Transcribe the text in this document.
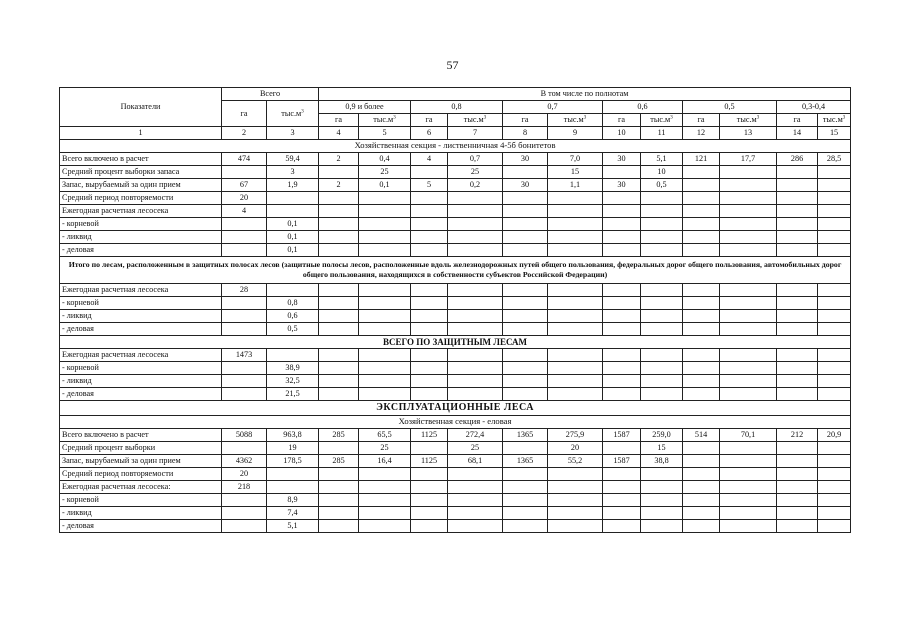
57
Показатели	Всего		В том числе по полнотам											
	га	$тыс.м^3$	0,9 и более		0,8		0,7		0,6		0,5		0,3-0,4	
			га	$тыс.м^3$	га	$тыс.м^3$	га	$тыс.м^3$	га	$тыс.м^3$	га	$тыс.м^3$	га	$тыс.м^3$
1	2	3	4	5	6	7	8	9	10	11	12	13	14	15
Хозяйственная секция - лиственничная 4-5б бонитетов														
Всего включено в расчет	474	59,4	2	0,4	4	0,7	30	7,0	30	5,1	121	17,7	286	28,5
Средний процент выборки запаса		3		25		25		15		10				
Запас, вырубаемый за один прием	67	1,9	2	0,1	5	0,2	30	1,1	30	0,5				
Средний период повторяемости	20													
Ежегодная расчетная лесосека	4													
- корневой		0,1												
- ликвид		0,1												
- деловая		0,1												
Итого по лесам, расположенным в защитных полосах лесов (защитные полосы лесов, расположенные вдоль железнодорожных путей общего пользования, федеральных дорог общего пользования, автомобильных дорог общего пользования, находящихся в собственности субъектов Российской Федерации)														
Ежегодная расчетная лесосека	28													
- корневой		0,8												
- ликвид		0,6												
- деловая		0,5												
ВСЕГО ПО ЗАЩИТНЫМ ЛЕСАМ														
Ежегодная расчетная лесосека	1473													
- корневой		38,9												
- ликвид		32,5												
- деловая		21,5												
ЭКСПЛУАТАЦИОННЫЕ ЛЕСА														
Хозяйственная секция - еловая														
Всего включено в расчет	5088	963,8	285	65,5	1125	272,4	1365	275,9	1587	259,0	514	70,1	212	20,9
Средний процент выборки		19		25		25		20		15				
Запас, вырубаемый за один прием	4362	178,5	285	16,4	1125	68,1	1365	55,2	1587	38,8				
Средний период повторяемости	20													
Ежегодная расчетная лесосека:	218													
- корневой		8,9												
- ликвид		7,4												
- деловая		5,1												
